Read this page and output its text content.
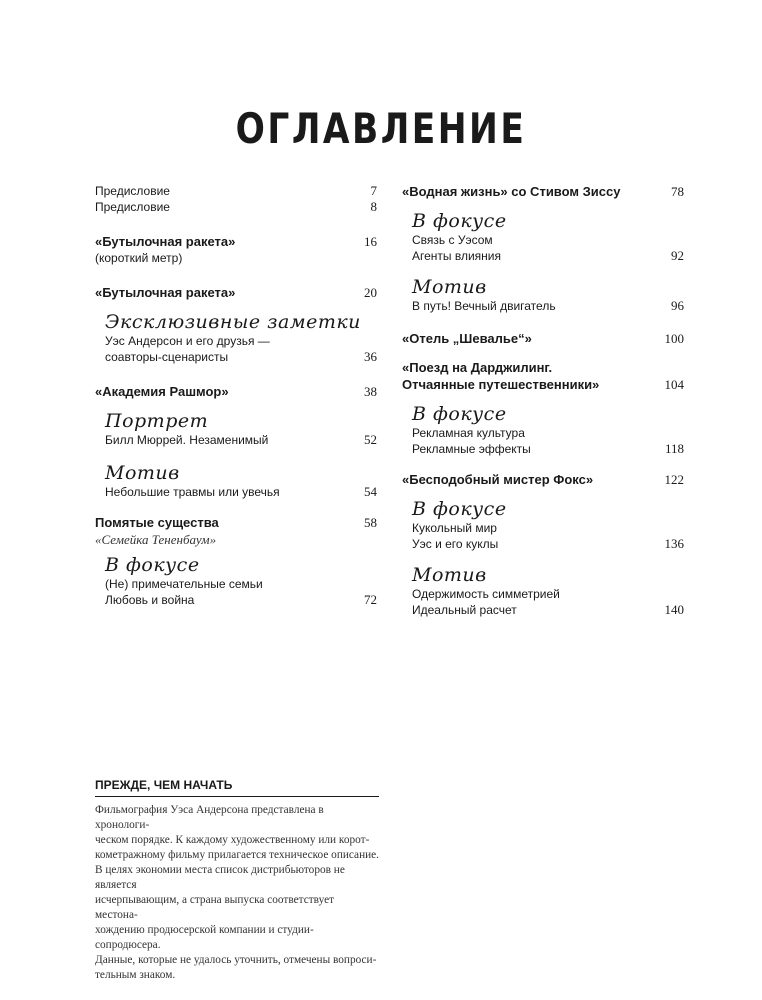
ОГЛАВЛЕНИЕ
Предисловие	7
Предисловие	8
«Бутылочная ракета»	16
(короткий метр)
«Бутылочная ракета»	20
Эксклюзивные заметки
Уэс Андерсон и его друзья —
соавторы-сценаристы	36
«Академия Рашмор»	38
Портрет
Билл Мюррей. Незаменимый	52
Мотив
Небольшие травмы или увечья	54
Помятые существа	58
«Семейка Тененбаум»
В фокусе
(Не) примечательные семьи
Любовь и война	72
«Водная жизнь» со Стивом Зиссу	78
В фокусе
Связь с Уэсом
Агенты влияния	92
Мотив
В путь! Вечный двигатель	96
«Отель „Шевалье“»	100
«Поезд на Дарджилинг.
Отчаянные путешественники»	104
В фокусе
Рекламная культура
Рекламные эффекты	118
«Бесподобный мистер Фокс»	122
В фокусе
Кукольный мир
Уэс и его куклы	136
Мотив
Одержимость симметрией
Идеальный расчет	140
ПРЕЖДЕ, ЧЕМ НАЧАТЬ
Фильмография Уэса Андерсона представлена в хронологи-
ческом порядке. К каждому художественному или корот-
кометражному фильму прилагается техническое описание.
В целях экономии места список дистрибьюторов не является
исчерпывающим, а страна выпуска соответствует местона-
хождению продюсерской компании и студии-сопродюсера.
Данные, которые не удалось уточнить, отмечены вопроси-
тельным знаком.
